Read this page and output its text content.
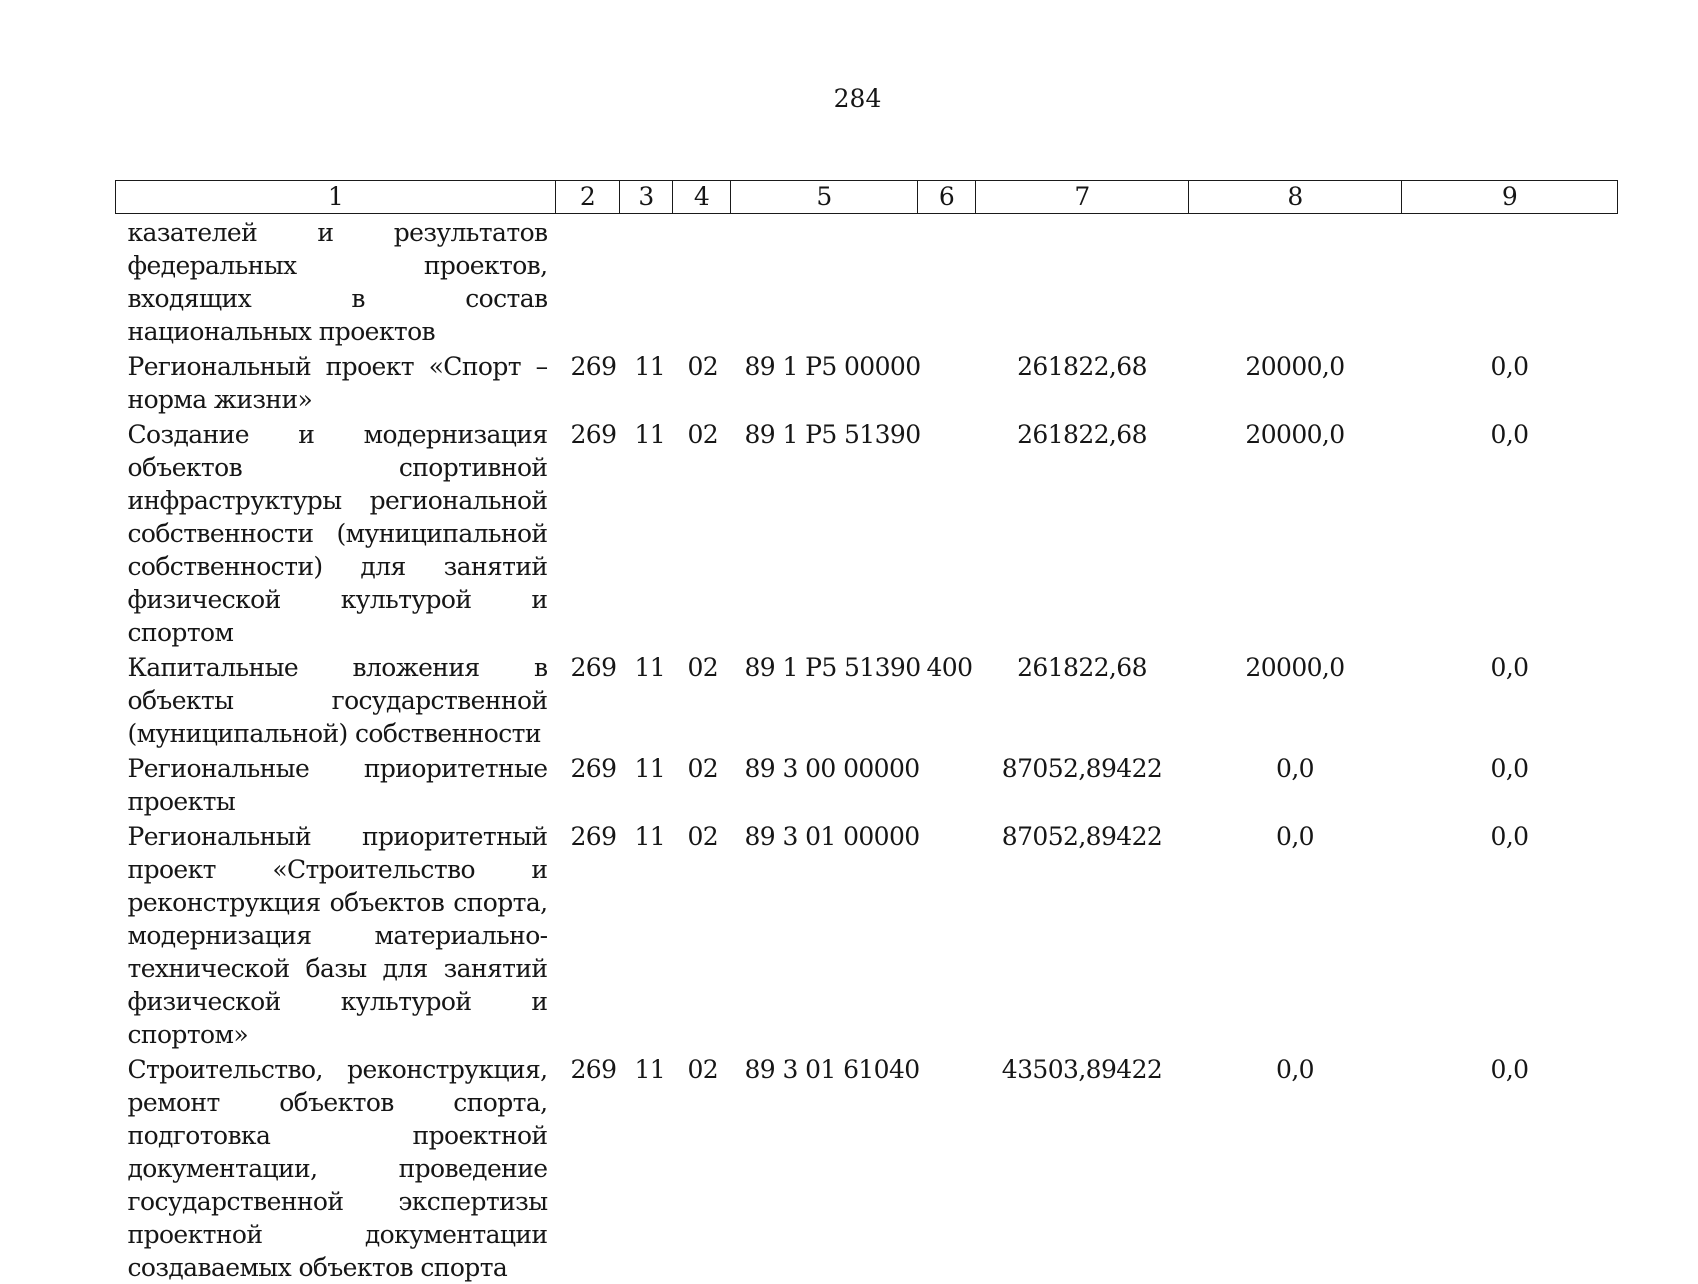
284
1	2	3	4	5	6	7	8	9
казателей и результатов федеральных проектов, входящих в состав национальных проектов								
Региональный проект «Спорт – норма жизни»	269	11	02	89 1 P5 00000		261822,68	20000,0	0,0
Создание и модернизация объектов спортивной инфраструктуры региональной собственности (муниципальной собственности) для занятий физической культурой и спортом	269	11	02	89 1 P5 51390		261822,68	20000,0	0,0
Капитальные вложения в объекты государственной (муниципальной) собственности	269	11	02	89 1 P5 51390	400	261822,68	20000,0	0,0
Региональные приоритетные проекты	269	11	02	89 3 00 00000		87052,89422	0,0	0,0
Региональный приоритетный проект «Строительство и реконструкция объектов спорта, модернизация материально-технической базы для занятий физической культурой и спортом»	269	11	02	89 3 01 00000		87052,89422	0,0	0,0
Строительство, реконструкция, ремонт объектов спорта, подготовка проектной документации, проведение государственной экспертизы проектной документации создаваемых объектов спорта	269	11	02	89 3 01 61040		43503,89422	0,0	0,0
